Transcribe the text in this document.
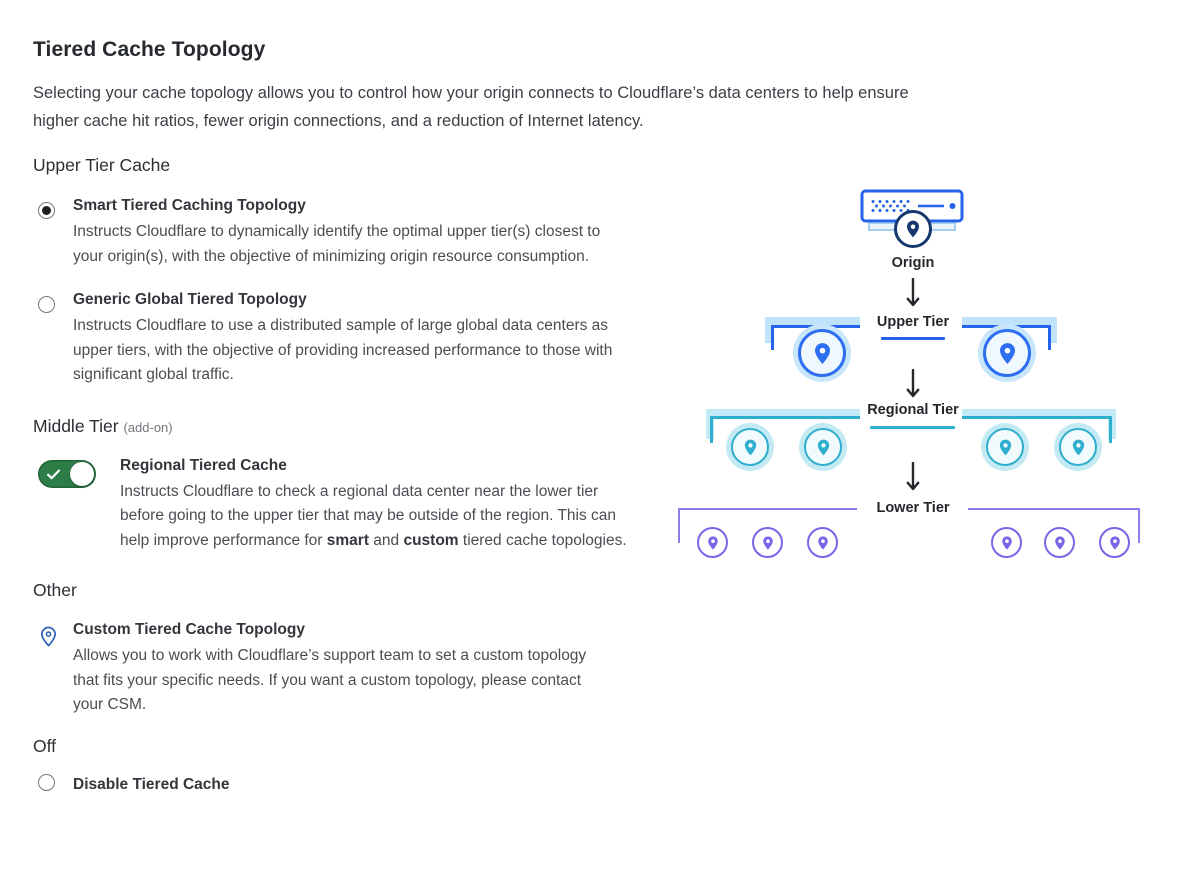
Tiered Cache Topology

Selecting your cache topology allows you to control how your origin connects to Cloudflare’s data centers to help ensure higher cache hit ratios, fewer origin connections, and a reduction of Internet latency.

Upper Tier Cache
Smart Tiered Caching Topology

Instructs Cloudflare to dynamically identify the optimal upper tier(s) closest to your origin(s), with the objective of minimizing origin resource consumption.

Generic Global Tiered Topology

Instructs Cloudflare to use a distributed sample of large global data centers as upper tiers, with the objective of providing increased performance to those with significant global traffic.

Middle Tier (add-on)
Regional Tiered Cache

Instructs Cloudflare to check a regional data center near the lower tier before going to the upper tier that may be outside of the region. This can help improve performance for smart and custom tiered cache topologies.

Other
Custom Tiered Cache Topology

Allows you to work with Cloudflare’s support team to set a custom topology that fits your specific needs. If you want a custom topology, please contact your CSM.

Off
Disable Tiered Cache
Origin
Upper Tier
Regional Tier
Lower Tier
